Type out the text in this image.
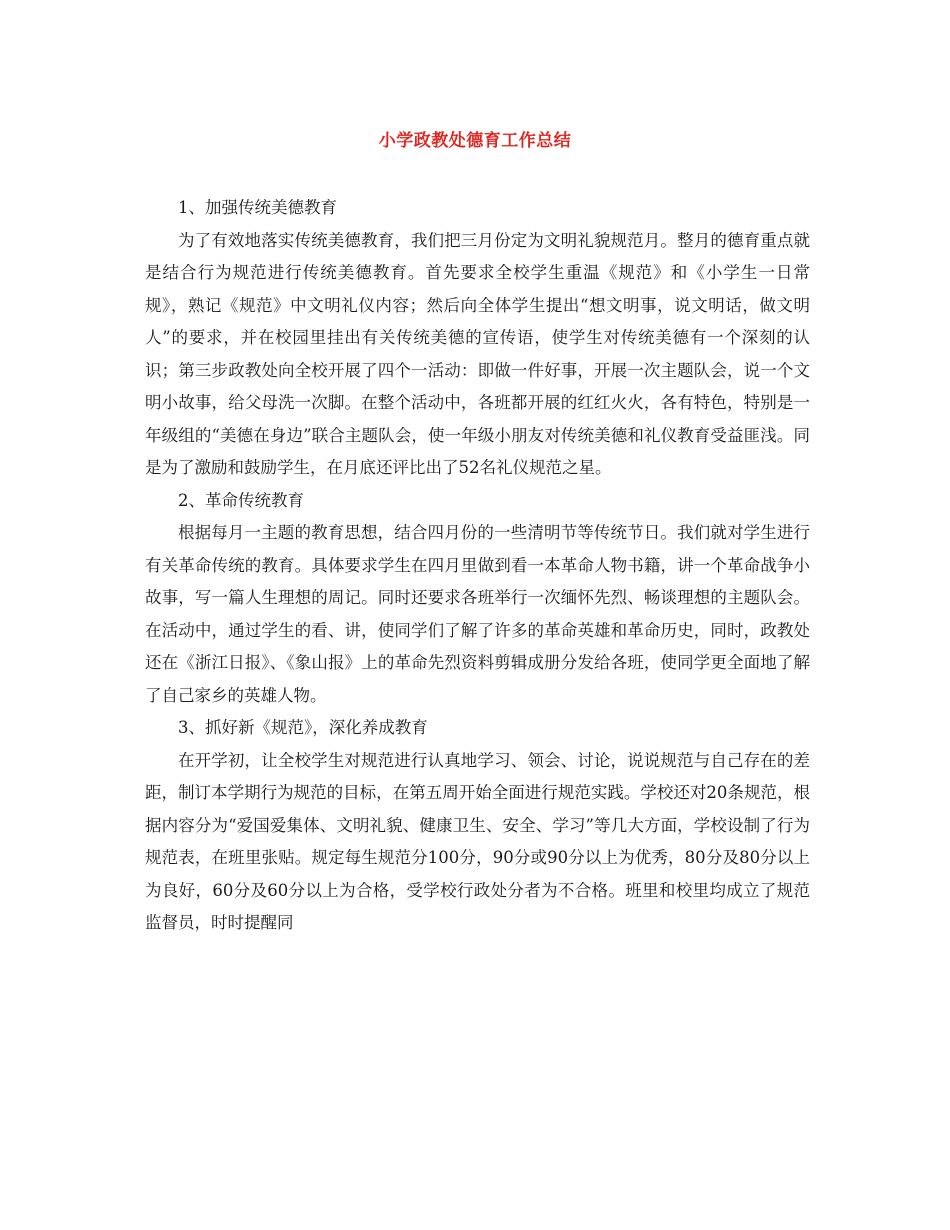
小学政教处德育工作总结

1、加强传统美德教育

为了有效地落实传统美德教育，我们把三月份定为文明礼貌规范月。整月的德育重点就是结合行为规范进行传统美德教育。首先要求全校学生重温《规范》和《小学生一日常规》，熟记《规范》中文明礼仪内容；然后向全体学生提出“想文明事，说文明话，做文明人”的要求，并在校园里挂出有关传统美德的宣传语，使学生对传统美德有一个深刻的认识；第三步政教处向全校开展了四个一活动：即做一件好事，开展一次主题队会，说一个文明小故事，给父母洗一次脚。在整个活动中，各班都开展的红红火火，各有特色，特别是一年级组的“美德在身边”联合主题队会，使一年级小朋友对传统美德和礼仪教育受益匪浅。同是为了激励和鼓励学生，在月底还评比出了52名礼仪规范之星。

2、革命传统教育

根据每月一主题的教育思想，结合四月份的一些清明节等传统节日。我们就对学生进行有关革命传统的教育。具体要求学生在四月里做到看一本革命人物书籍，讲一个革命战争小故事，写一篇人生理想的周记。同时还要求各班举行一次缅怀先烈、畅谈理想的主题队会。在活动中，通过学生的看、讲，使同学们了解了许多的革命英雄和革命历史，同时，政教处还在《浙江日报》、《象山报》上的革命先烈资料剪辑成册分发给各班，使同学更全面地了解了自己家乡的英雄人物。

3、抓好新《规范》，深化养成教育

在开学初，让全校学生对规范进行认真地学习、领会、讨论，说说规范与自己存在的差距，制订本学期行为规范的目标，在第五周开始全面进行规范实践。学校还对20条规范，根据内容分为“爱国爱集体、文明礼貌、健康卫生、安全、学习”等几大方面，学校设制了行为规范表，在班里张贴。规定每生规范分100分，90分或90分以上为优秀，80分及80分以上为良好，60分及60分以上为合格，受学校行政处分者为不合格。班里和校里均成立了规范监督员，时时提醒同
